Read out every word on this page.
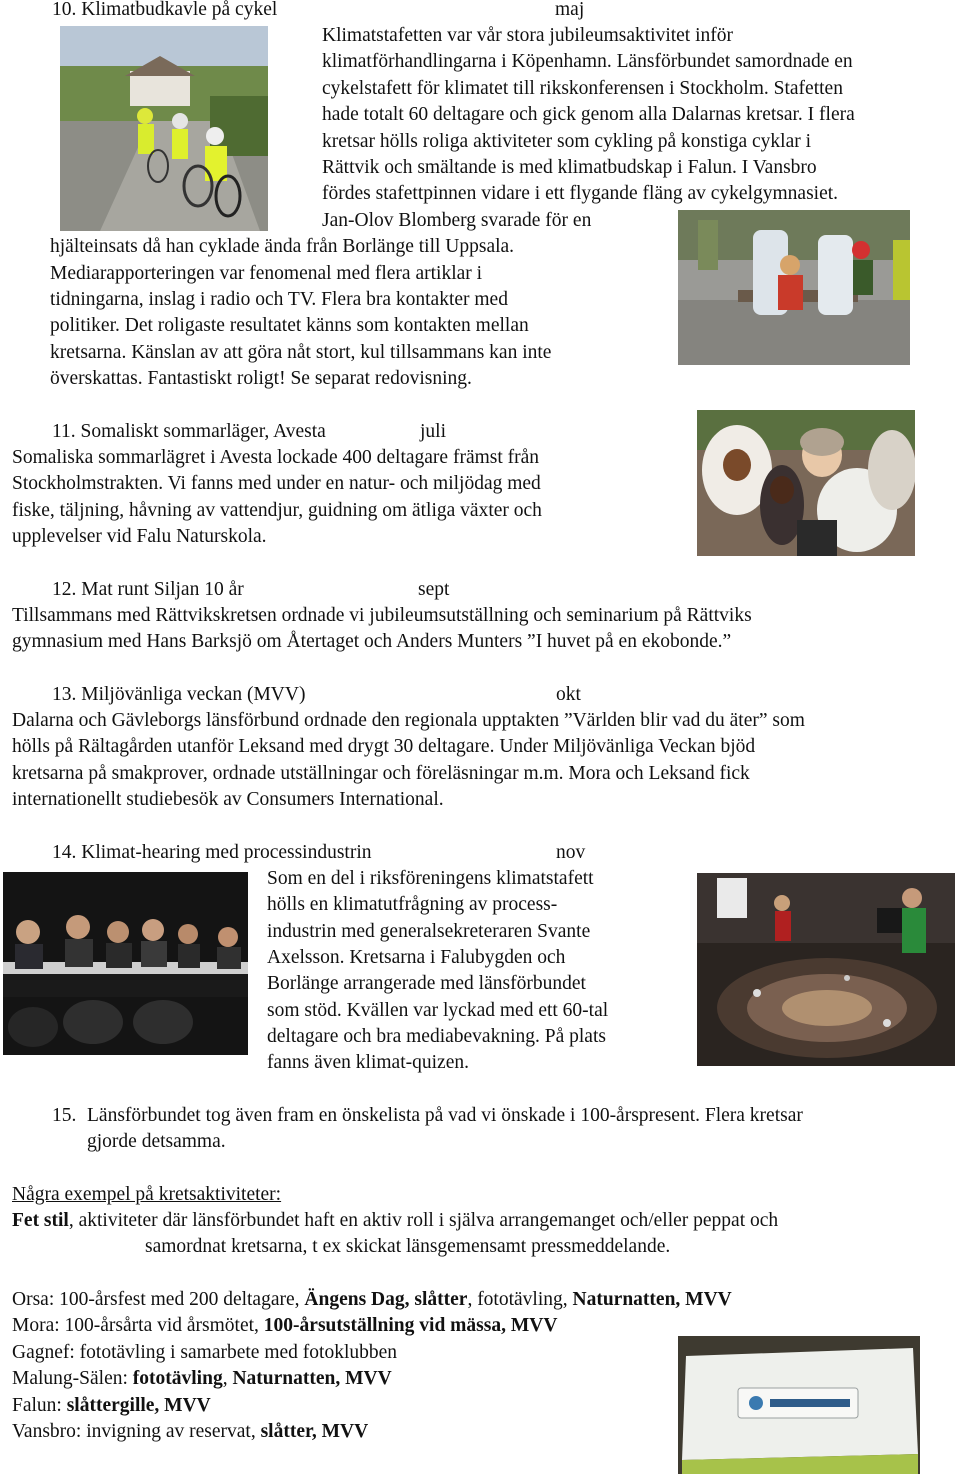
10. Klimatbudkavle på cykel	maj
Klimatstafetten var vår stora jubileumsaktivitet inför
klimatförhandlingarna i Köpenhamn. Länsförbundet samordnade en
cykelstafett för klimatet till rikskonferensen i Stockholm. Stafetten
hade totalt 60 deltagare och gick genom alla Dalarnas kretsar. I flera
kretsar hölls roliga aktiviteter som cykling på konstiga cyklar i
Rättvik och smältande is med klimatbudskap i Falun. I Vansbro
fördes stafettpinnen vidare i ett flygande fläng av cykelgymnasiet.
Jan-Olov Blomberg svarade för en
hjälteinsats då han cyklade ända från Borlänge till Uppsala.
Mediarapporteringen var fenomenal med flera artiklar i
tidningarna, inslag i radio och TV. Flera bra kontakter med
politiker. Det roligaste resultatet känns som kontakten mellan
kretsarna. Känslan av att göra nåt stort, kul tillsammans kan inte
överskattas. Fantastiskt roligt! Se separat redovisning.
11. Somaliskt sommarläger, Avesta	juli
Somaliska sommarlägret i Avesta lockade 400 deltagare främst från
Stockholmstrakten. Vi fanns med under en natur- och miljödag med
fiske, täljning, håvning av vattendjur, guidning om ätliga växter och
upplevelser vid Falu Naturskola.
12. Mat runt Siljan 10 år	sept
Tillsammans med Rättvikskretsen ordnade vi jubileumsutställning och seminarium på Rättviks
gymnasium med Hans Barksjö om Återtaget och Anders Munters ”I huvet på en ekobonde.”
13. Miljövänliga veckan (MVV)	okt
Dalarna och Gävleborgs länsförbund ordnade den regionala upptakten ”Världen blir vad du äter” som
hölls på Rältagården utanför Leksand med drygt 30 deltagare. Under Miljövänliga Veckan bjöd
kretsarna på smakprover, ordnade utställningar och föreläsningar m.m. Mora och Leksand fick
internationellt studiebesök av Consumers International.
14. Klimat-hearing med processindustrin	nov
Som en del i riksföreningens klimatstafett
hölls en klimatutfrågning av process-
industrin med generalsekreteraren Svante
Axelsson. Kretsarna i Falubygden och
Borlänge arrangerade med länsförbundet
som stöd. Kvällen var lyckad med ett 60-tal
deltagare och bra mediabevakning. På plats
fanns även klimat-quizen.
15. Länsförbundet tog även fram en önskelista på vad vi önskade i 100-årspresent. Flera kretsar
gjorde detsamma.
Några exempel på kretsaktiviteter:
Fet stil, aktiviteter där länsförbundet haft en aktiv roll i själva arrangemanget och/eller peppat och
samordnat kretsarna, t ex skickat länsgemensamt pressmeddelande.
Orsa: 100-årsfest med 200 deltagare, Ängens Dag, slåtter, fototävling, Naturnatten, MVV
Mora: 100-årsårta vid årsmötet, 100-årsutställning vid mässa, MVV
Gagnef: fototävling i samarbete med fotoklubben
Malung-Sälen: fototävling, Naturnatten, MVV
Falun: slåttergille, MVV
Vansbro: invigning av reservat, slåtter, MVV
